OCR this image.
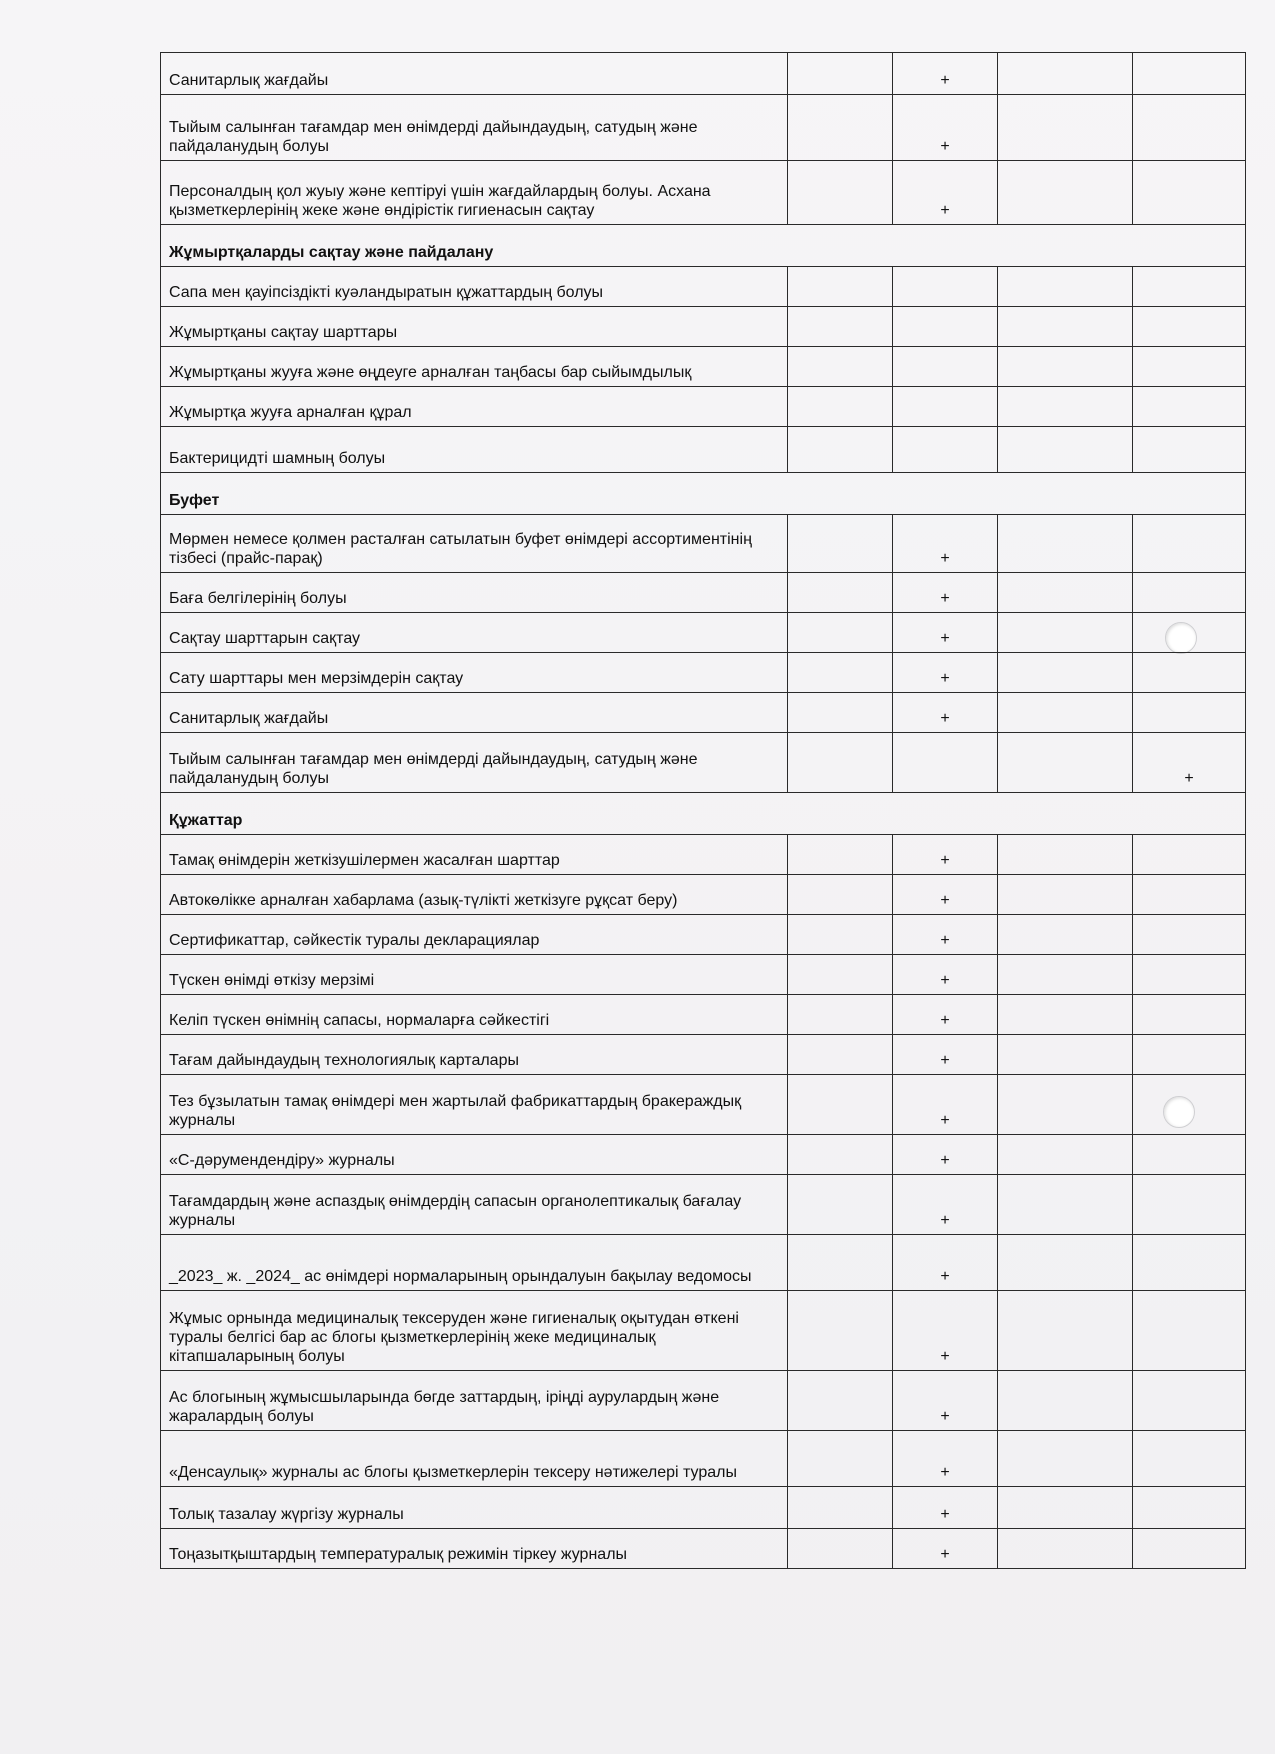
Санитарлық жағдайы		+		
Тыйым салынған тағамдар мен өнімдерді дайындаудың, сатудың және пайдаланудың болуы		+		
Персоналдың қол жуыу және кептіруі үшін жағдайлардың болуы. Асхана қызметкерлерінің жеке және өндірістік гигиенасын сақтау		+		
Жұмыртқаларды сақтау және пайдалану				
Сапа мен қауіпсіздікті куәландыратын құжаттардың болуы				
Жұмыртқаны сақтау шарттары				
Жұмыртқаны жууға және өңдеуге арналған таңбасы бар сыйымдылық				
Жұмыртқа жууға арналған құрал				
Бактерицидті шамның болуы				
Буфет				
Мөрмен немесе қолмен расталған сатылатын буфет өнімдері ассортиментінің тізбесі (прайс-парақ)		+		
Баға белгілерінің болуы		+		
Сақтау шарттарын сақтау		+		
Сату шарттары мен мерзімдерін сақтау		+		
Санитарлық жағдайы		+		
Тыйым салынған тағамдар мен өнімдерді дайындаудың, сатудың және пайдаланудың болуы				+
Құжаттар				
Тамақ өнімдерін жеткізушілермен жасалған шарттар		+		
Автокөлікке арналған хабарлама (азық-түлікті жеткізуге рұқсат беру)		+		
Сертификаттар, сәйкестік туралы декларациялар		+		
Түскен өнімді өткізу мерзімі		+		
Келіп түскен өнімнің сапасы, нормаларға сәйкестігі		+		
Тағам дайындаудың технологиялық карталары		+		
Тез бұзылатын тамақ өнімдері мен жартылай фабрикаттардың бракераждық журналы		+		
«С-дәрумендендіру» журналы		+		
Тағамдардың және аспаздық өнімдердің сапасын органолептикалық бағалау журналы		+		
_2023_ ж. _2024_ ас өнімдері нормаларының орындалуын бақылау ведомосы		+		
Жұмыс орнында медициналық тексеруден және гигиеналық оқытудан өткені туралы белгісі бар ас блогы қызметкерлерінің жеке медициналық кітапшаларының болуы		+		
Ас блогының жұмысшыларында бөгде заттардың, іріңді аурулардың және жаралардың болуы		+		
«Денсаулық» журналы ас блогы қызметкерлерін тексеру нәтижелері туралы		+		
Толық тазалау жүргізу журналы		+		
Тоңазытқыштардың температуралық режимін тіркеу журналы		+		
